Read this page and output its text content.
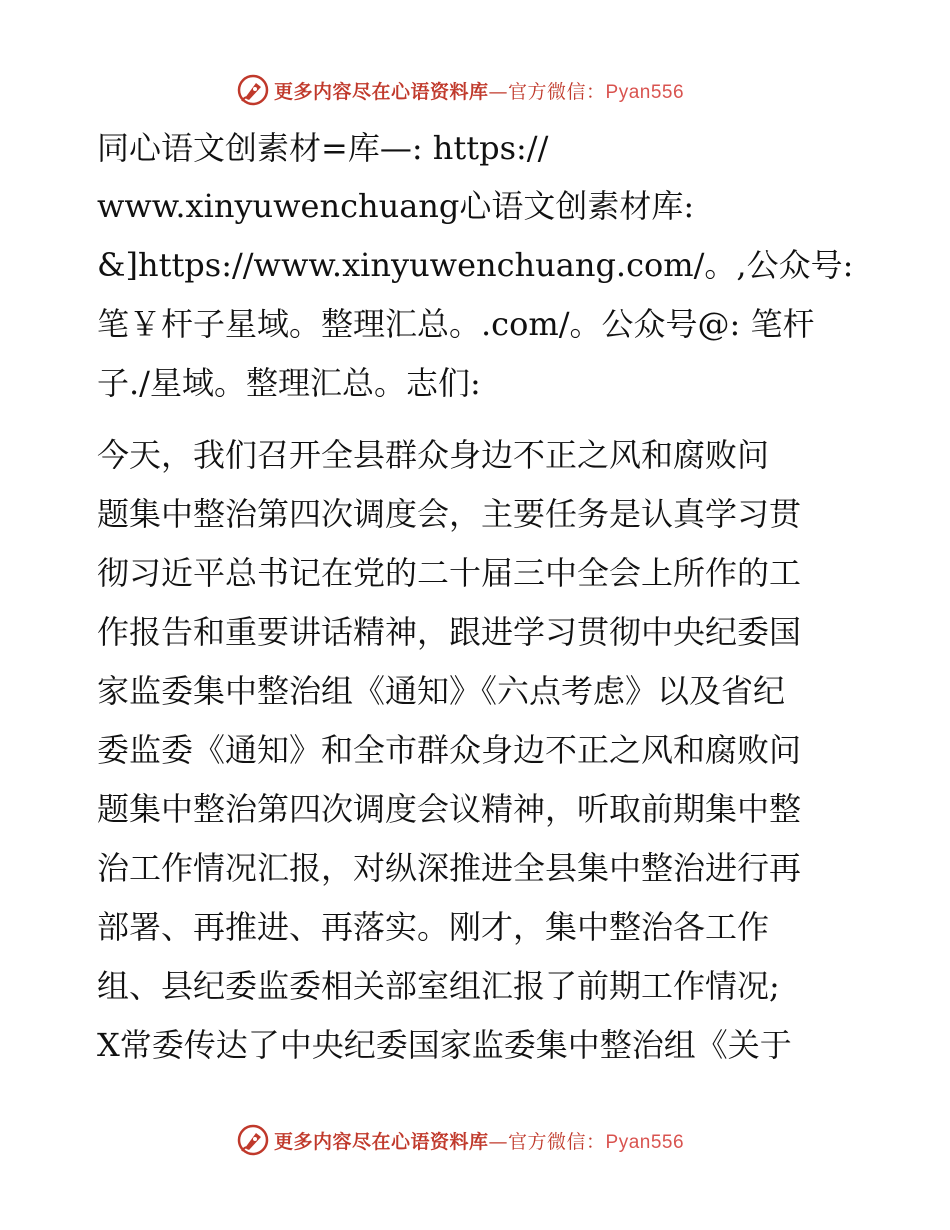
更多内容尽在心语资料库—官方微信：Pyan556
同心语文创素材=库—: https://
www.xinyuwenchuang心语文创素材库:
&]https://www.xinyuwenchuang.com/。,公众号:
笔￥杆子星域。整理汇总。.com/。公众号@: 笔杆
子./星域。整理汇总。志们:
今天，我们召开全县群众身边不正之风和腐败问
题集中整治第四次调度会，主要任务是认真学习贯
彻习近平总书记在党的二十届三中全会上所作的工
作报告和重要讲话精神，跟进学习贯彻中央纪委国
家监委集中整治组《通知》《六点考虑》以及省纪
委监委《通知》和全市群众身边不正之风和腐败问
题集中整治第四次调度会议精神，听取前期集中整
治工作情况汇报，对纵深推进全县集中整治进行再
部署、再推进、再落实。刚才，集中整治各工作
组、县纪委监委相关部室组汇报了前期工作情况;
X常委传达了中央纪委国家监委集中整治组《关于
更多内容尽在心语资料库—官方微信：Pyan556
